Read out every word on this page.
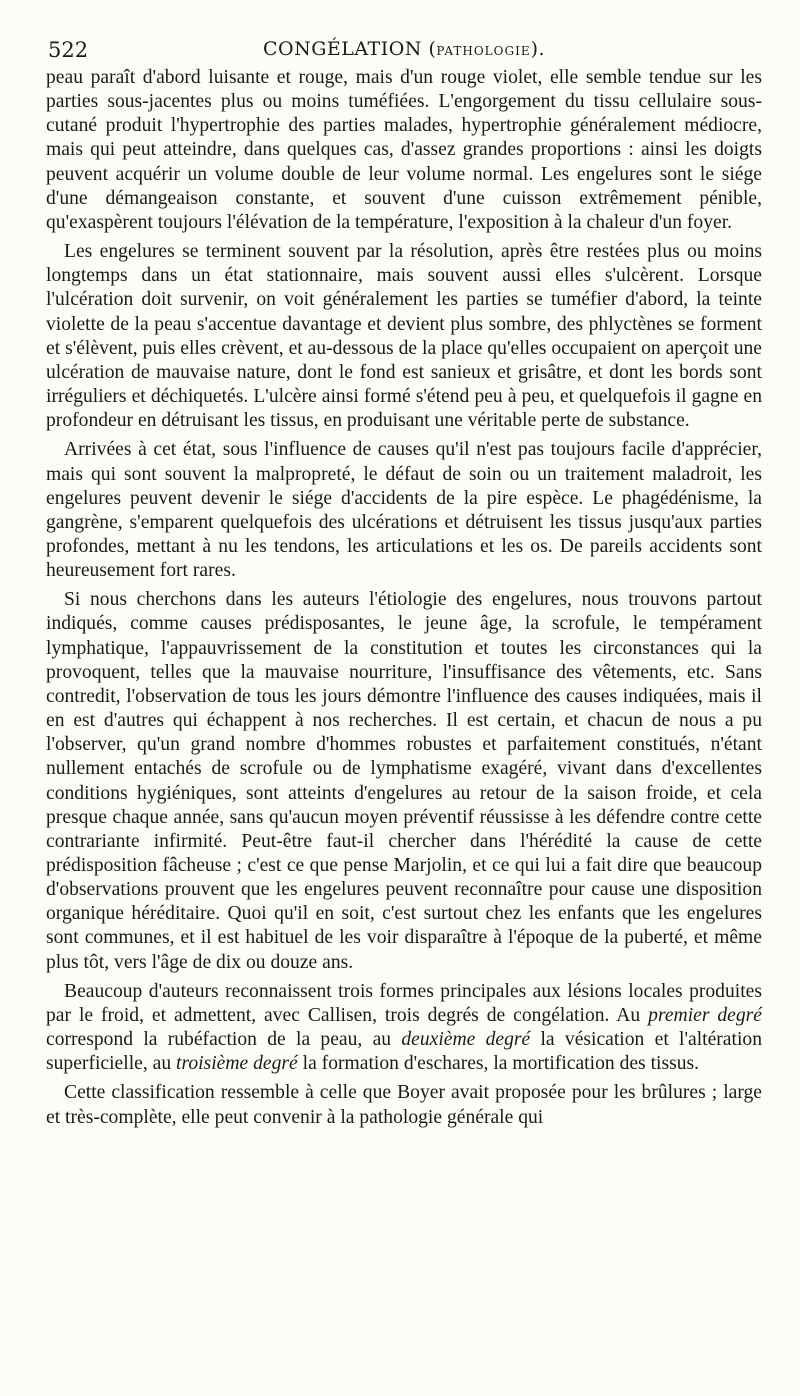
522	CONGÉLATION (PATHOLOGIE).

peau paraît d'abord luisante et rouge, mais d'un rouge violet, elle semble tendue sur les parties sous-jacentes plus ou moins tuméfiées. L'engorgement du tissu cellulaire sous-cutané produit l'hypertrophie des parties malades, hypertrophie généralement médiocre, mais qui peut atteindre, dans quelques cas, d'assez grandes proportions : ainsi les doigts peuvent acquérir un volume double de leur volume normal. Les engelures sont le siége d'une démangeaison constante, et souvent d'une cuisson extrêmement pénible, qu'exaspèrent toujours l'élévation de la température, l'exposition à la chaleur d'un foyer.

Les engelures se terminent souvent par la résolution, après être restées plus ou moins longtemps dans un état stationnaire, mais souvent aussi elles s'ulcèrent. Lorsque l'ulcération doit survenir, on voit généralement les parties se tuméfier d'abord, la teinte violette de la peau s'accentue davantage et devient plus sombre, des phlyctènes se forment et s'élèvent, puis elles crèvent, et au-dessous de la place qu'elles occupaient on aperçoit une ulcération de mauvaise nature, dont le fond est sanieux et grisâtre, et dont les bords sont irréguliers et déchiquetés. L'ulcère ainsi formé s'étend peu à peu, et quelquefois il gagne en profondeur en détruisant les tissus, en produisant une véritable perte de substance.

Arrivées à cet état, sous l'influence de causes qu'il n'est pas toujours facile d'apprécier, mais qui sont souvent la malpropreté, le défaut de soin ou un traitement maladroit, les engelures peuvent devenir le siége d'accidents de la pire espèce. Le phagédénisme, la gangrène, s'emparent quelquefois des ulcérations et détruisent les tissus jusqu'aux parties profondes, mettant à nu les tendons, les articulations et les os. De pareils accidents sont heureusement fort rares.

Si nous cherchons dans les auteurs l'étiologie des engelures, nous trouvons partout indiqués, comme causes prédisposantes, le jeune âge, la scrofule, le tempérament lymphatique, l'appauvrissement de la constitution et toutes les circonstances qui la provoquent, telles que la mauvaise nourriture, l'insuffisance des vêtements, etc. Sans contredit, l'observation de tous les jours démontre l'influence des causes indiquées, mais il en est d'autres qui échappent à nos recherches. Il est certain, et chacun de nous a pu l'observer, qu'un grand nombre d'hommes robustes et parfaitement constitués, n'étant nullement entachés de scrofule ou de lymphatisme exagéré, vivant dans d'excellentes conditions hygiéniques, sont atteints d'engelures au retour de la saison froide, et cela presque chaque année, sans qu'aucun moyen préventif réussisse à les défendre contre cette contrariante infirmité. Peut-être faut-il chercher dans l'hérédité la cause de cette prédisposition fâcheuse ; c'est ce que pense Marjolin, et ce qui lui a fait dire que beaucoup d'observations prouvent que les engelures peuvent reconnaître pour cause une disposition organique héréditaire. Quoi qu'il en soit, c'est surtout chez les enfants que les engelures sont communes, et il est habituel de les voir disparaître à l'époque de la puberté, et même plus tôt, vers l'âge de dix ou douze ans.

Beaucoup d'auteurs reconnaissent trois formes principales aux lésions locales produites par le froid, et admettent, avec Callisen, trois degrés de congélation. Au premier degré correspond la rubéfaction de la peau, au deuxième degré la vésication et l'altération superficielle, au troisième degré la formation d'eschares, la mortification des tissus.

Cette classification ressemble à celle que Boyer avait proposée pour les brûlures ; large et très-complète, elle peut convenir à la pathologie générale qui
